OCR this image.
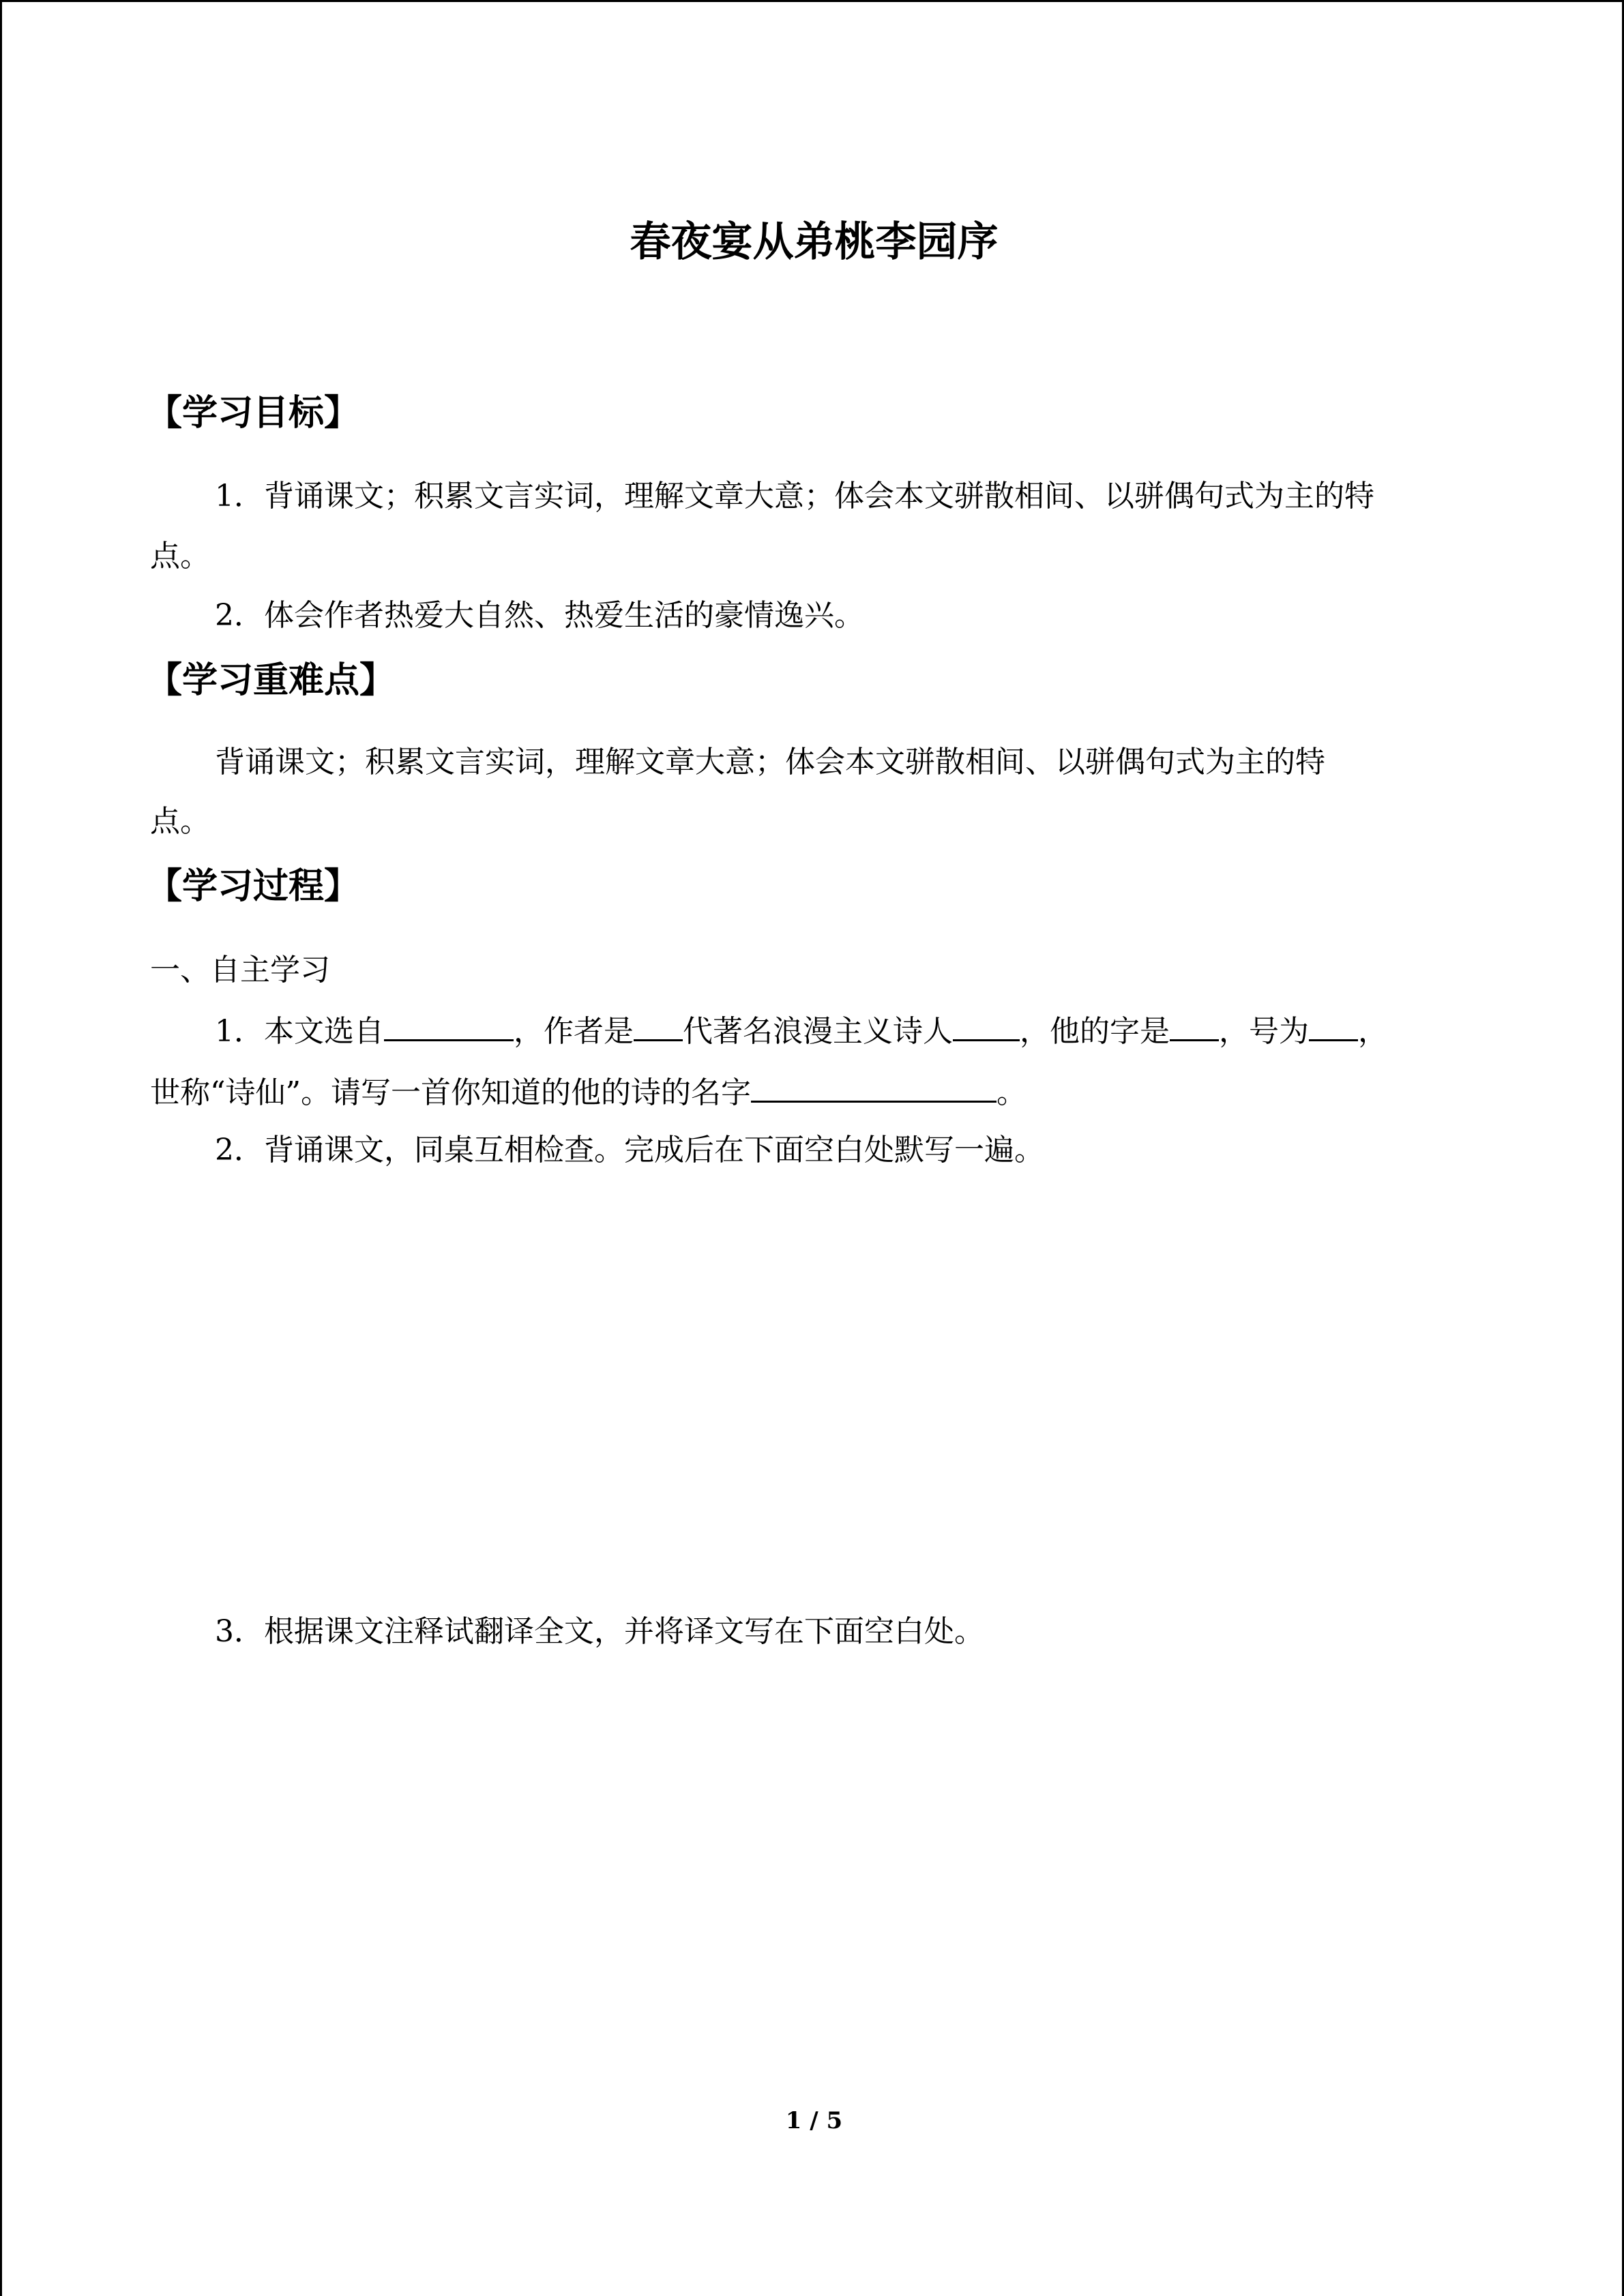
春夜宴从弟桃李园序
【学习目标】
1．背诵课文；积累文言实词，理解文章大意；体会本文骈散相间、以骈偶句式为主的特
点。
2．体会作者热爱大自然、热爱生活的豪情逸兴。
【学习重难点】
背诵课文；积累文言实词，理解文章大意；体会本文骈散相间、以骈偶句式为主的特
点。
【学习过程】
一、自主学习
1．本文选自	，作者是 代著名浪漫主义诗人 ，他的字是 ，号为 ，
世称“诗仙”。请写一首你知道的他的诗的名字	。
2．背诵课文，同桌互相检查。完成后在下面空白处默写一遍。
3．根据课文注释试翻译全文，并将译文写在下面空白处。
1 / 5
